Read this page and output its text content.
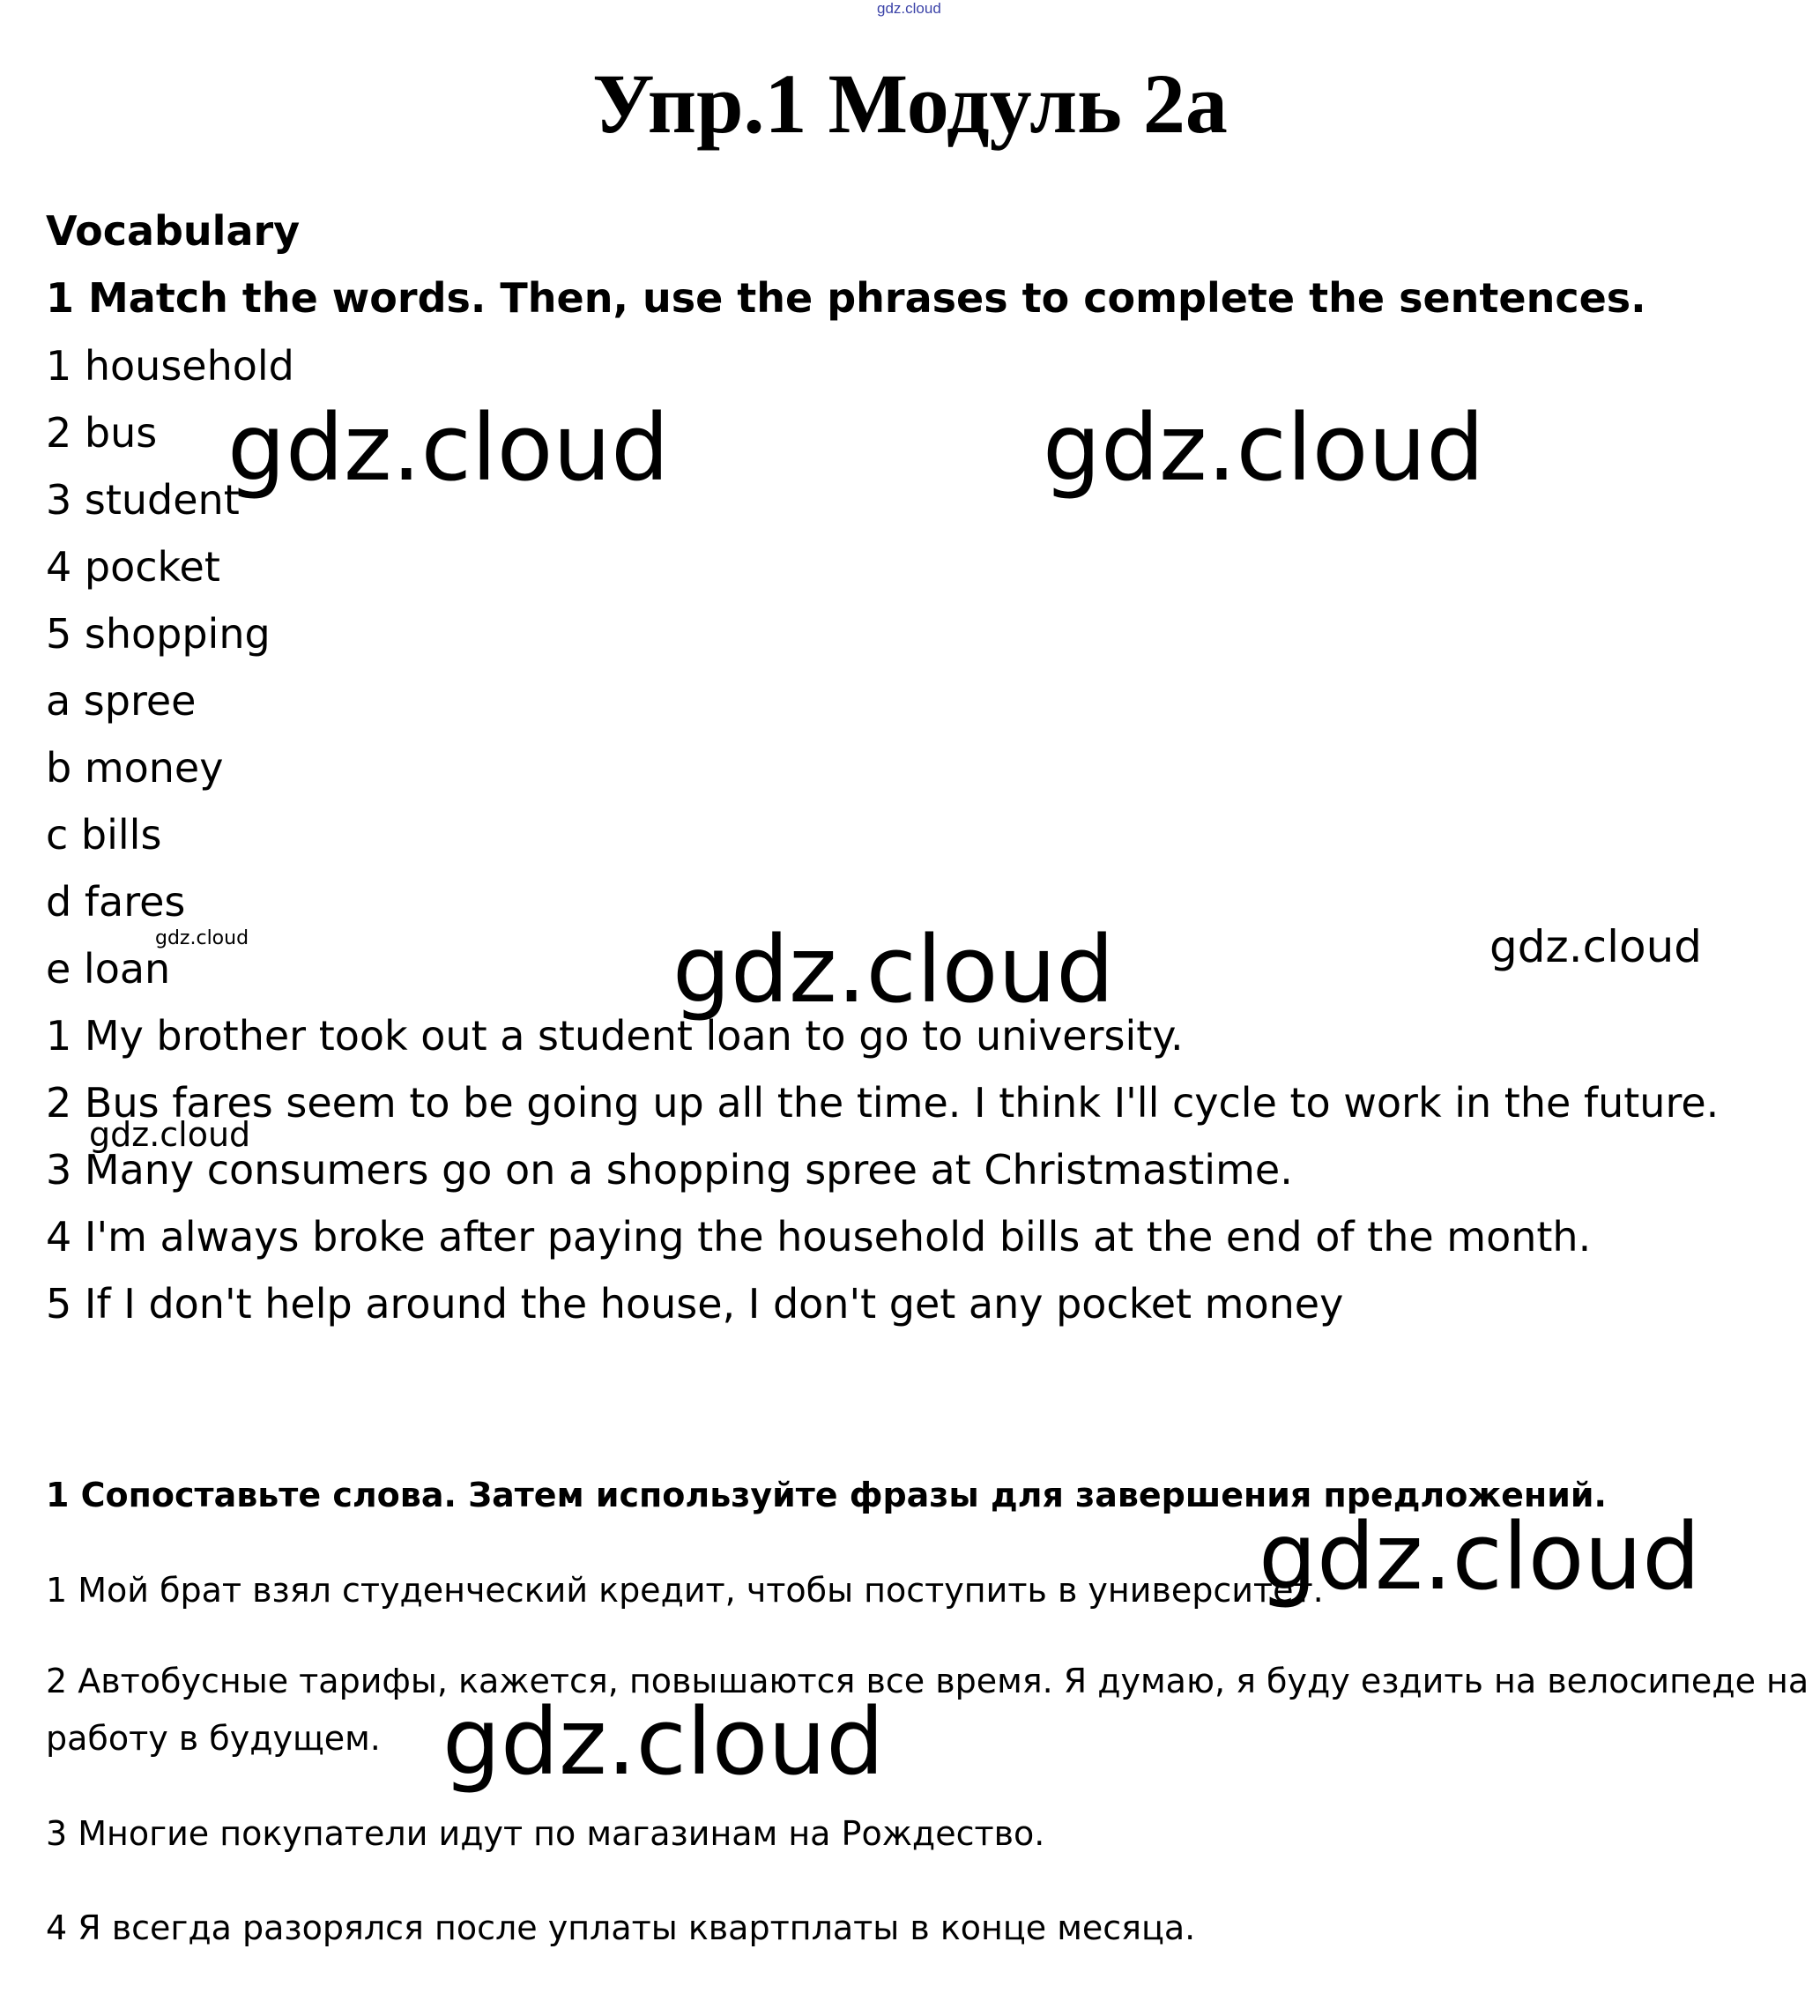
gdz.cloud
Упр.1 Модуль 2a
Vocabulary
1 Match the words. Then, use the phrases to complete the sentences.
1 household
2 bus
3 student
4 pocket
5 shopping
a spree
b money
c bills
d fares
e loan
1 My brother took out a student loan to go to university.
2 Bus fares seem to be going up all the time. I think I'll cycle to work in the future.
3 Many consumers go on a shopping spree at Christmastime.
4 I'm always broke after paying the household bills at the end of the month.
5 If I don't help around the house, I don't get any pocket money
1 Сопоставьте слова. Затем используйте фразы для завершения предложений.
1 Мой брат взял студенческий кредит, чтобы поступить в университет.
2 Автобусные тарифы, кажется, повышаются все время. Я думаю, я буду ездить на велосипеде на
работу в будущем.
3 Многие покупатели идут по магазинам на Рождество.
4 Я всегда разорялся после уплаты квартплаты в конце месяца.
gdz.cloud	gdz.cloud
gdz.cloud
gdz.cloud
gdz.cloud
gdz.cloud
gdz.cloud
gdz.cloud
